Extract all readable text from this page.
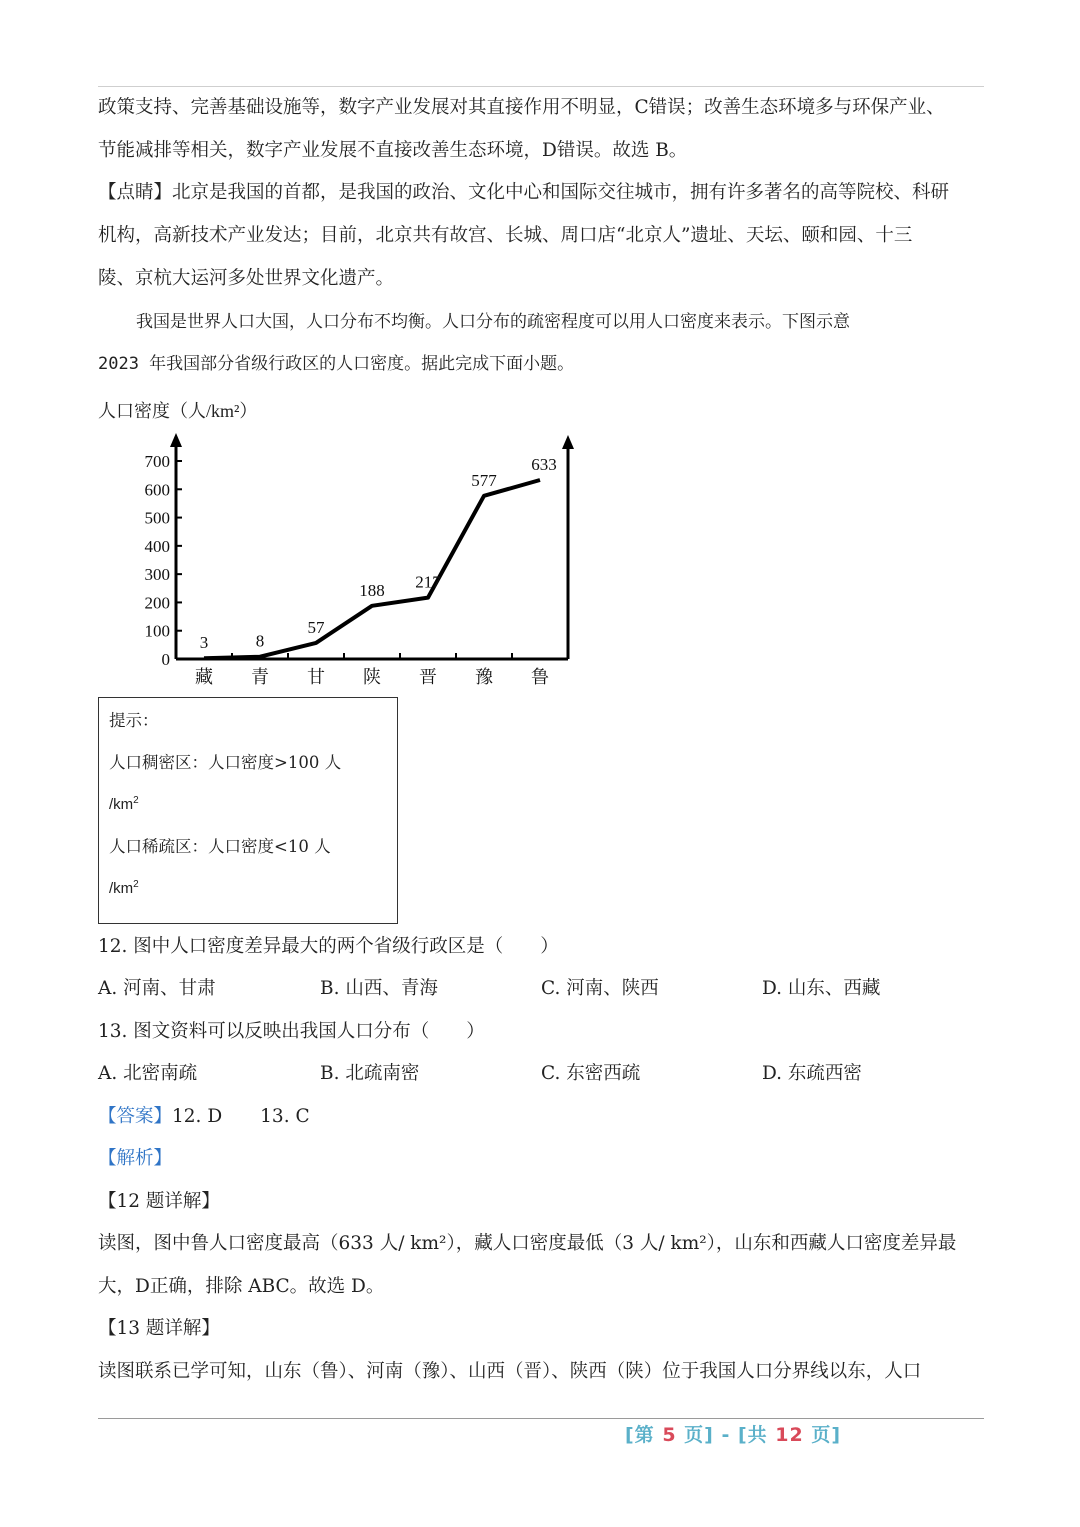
政策支持、完善基础设施等，数字产业发展对其直接作用不明显，C错误；改善生态环境多与环保产业、
节能减排等相关，数字产业发展不直接改善生态环境，D错误。故选 B。
【点睛】北京是我国的首都，是我国的政治、文化中心和国际交往城市，拥有许多著名的高等院校、科研
机构，高新技术产业发达；目前，北京共有故宫、长城、周口店“北京人”遗址、天坛、颐和园、十三
陵、京杭大运河多处世界文化遗产。
我国是世界人口大国，人口分布不均衡。人口分布的疏密程度可以用人口密度来表示。下图示意
2023 年我国部分省级行政区的人口密度。据此完成下面小题。
人口密度（人/km²）
0
100
200
300
400
500
600
700
藏 青 甘 陕 晋 豫 鲁
3	8
57
188 217
577
633
提示：
人口稠密区：人口密度>100 人
$/km^2$
人口稀疏区：人口密度<10 人
$/km^2$
12. 图中人口密度差异最大的两个省级行政区是（　　）
A. 河南、甘肃	B. 山西、青海	C. 河南、陕西	D. 山东、西藏
13. 图文资料可以反映出我国人口分布（　　）
A. 北密南疏	B. 北疏南密	C. 东密西疏	D. 东疏西密
【答案】12. D 13. C
【解析】
【12 题详解】
读图，图中鲁人口密度最高（633 人/ km²），藏人口密度最低（3 人/ km²），山东和西藏人口密度差异最
大，D正确，排除 ABC。故选 D。
【13 题详解】
读图联系已学可知，山东（鲁）、河南（豫）、山西（晋）、陕西（陕）位于我国人口分界线以东，人口
[第 5 页] - [共 12 页]
